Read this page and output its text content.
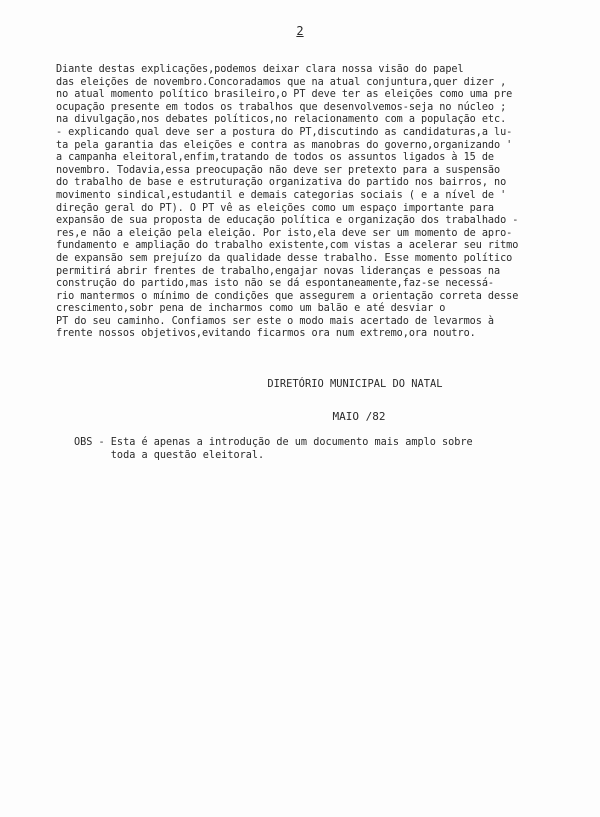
2
Diante destas explicações,podemos deixar clara nossa visão do papel
das eleições de novembro.Concoradamos que na atual conjuntura,quer dizer ,
no atual momento político brasileiro,o PT deve ter as eleições como uma pre
ocupação presente em todos os trabalhos que desenvolvemos-seja no núcleo ;
na divulgação,nos debates políticos,no relacionamento com a população etc.
- explicando qual deve ser a postura do PT,discutindo as candidaturas,a lu-
ta pela garantia das eleições e contra as manobras do governo,organizando '
a campanha eleitoral,enfim,tratando de todos os assuntos ligados à 15 de
novembro. Todavia,essa preocupação não deve ser pretexto para a suspensão
do trabalho de base e estruturação organizativa do partido nos bairros, no
movimento sindical,estudantil e demais categorias sociais ( e a nível de '
direção geral do PT). O PT vê as eleições como um espaço importante para
expansão de sua proposta de educação política e organização dos trabalhado -
res,e não a eleição pela eleição. Por isto,ela deve ser um momento de apro-
fundamento e ampliação do trabalho existente,com vistas a acelerar seu ritmo
de expansão sem prejuízo da qualidade desse trabalho. Esse momento político
permitirá abrir frentes de trabalho,engajar novas lideranças e pessoas na
construção do partido,mas isto não se dá espontaneamente,faz-se necessá-
rio mantermos o mínimo de condições que assegurem a orientação correta desse
crescimento,sobr pena de incharmos como um balão e até desviar o
PT do seu caminho. Confiamos ser este o modo mais acertado de levarmos à
frente nossos objetivos,evitando ficarmos ora num extremo,ora noutro.
DIRETÓRIO MUNICIPAL DO NATAL
MAIO /82
OBS - Esta é apenas a introdução de um documento mais amplo sobre
toda a questão eleitoral.
